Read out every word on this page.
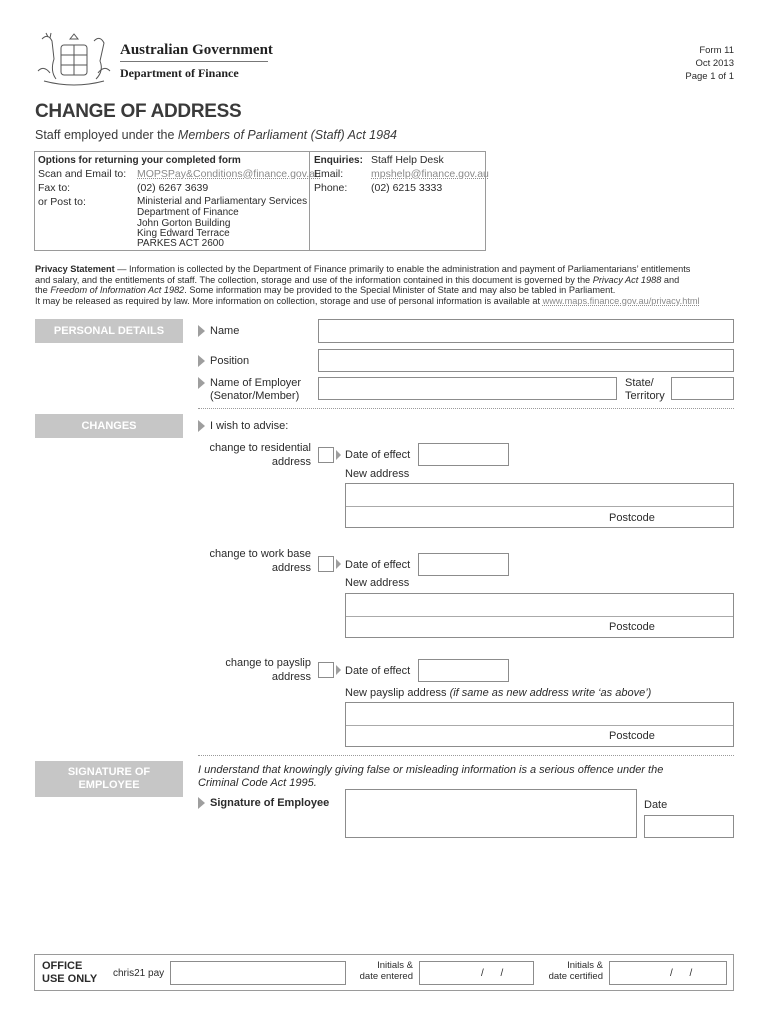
Australian Government
Department of Finance
Form 11
Oct 2013
Page 1 of 1
CHANGE OF ADDRESS
Staff employed under the Members of Parliament (Staff) Act 1984
Options for returning your completed form
Scan and Email to: MOPSPay&Conditions@finance.gov.au
Fax to:	(02) 6267 3639
or Post to:	Ministerial and Parliamentary Services
Department of Finance
John Gorton Building
King Edward Terrace
PARKES ACT 2600
Enquiries: Staff Help Desk
Email:	mpshelp@finance.gov.au
Phone: (02) 6215 3333
Privacy Statement — Information is collected by the Department of Finance primarily to enable the administration and payment of Parliamentarians’ entitlements
and salary, and the entitlements of staff. The collection, storage and use of the information contained in this document is governed by the Privacy Act 1988 and
the Freedom of Information Act 1982. Some information may be provided to the Special Minister of State and may also be tabled in Parliament.
It may be released as required by law. More information on collection, storage and use of personal information is available at www.maps.finance.gov.au/privacy.html
PERSONAL DETAILS	Name
Position
Name of Employer
(Senator/Member)
State/
Territory
CHANGES	I wish to advise:
change to residential
address
Date of effect
New address
Postcode
change to work base
address	Date of effect
New address
Postcode
change to payslip
address	Date of effect
New payslip address (if same as new address write ‘as above’)
Postcode
SIGNATURE OF
EMPLOYEE
I understand that knowingly giving false or misleading information is a serious offence under the
Criminal Code Act 1995.
Signature of Employee	Date
OFFICE
USE ONLY chris21 pay
Initials &
date entered	/      /
Initials &
date certified	/      /
